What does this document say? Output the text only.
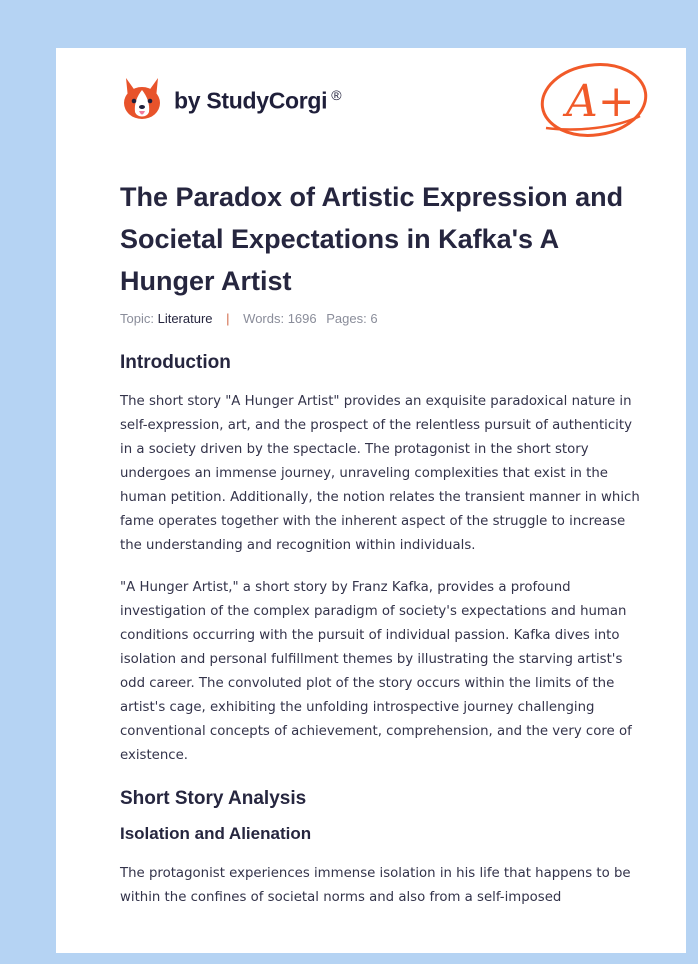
by StudyCorgi ®	A+
The Paradox of Artistic Expression and Societal Expectations in Kafka's A Hunger Artist
Topic: Literature | Words: 1696 Pages: 6
Introduction

The short story "A Hunger Artist" provides an exquisite paradoxical nature in self-expression, art, and the prospect of the relentless pursuit of authenticity in a society driven by the spectacle. The protagonist in the short story undergoes an immense journey, unraveling complexities that exist in the human petition. Additionally, the notion relates the transient manner in which fame operates together with the inherent aspect of the struggle to increase the understanding and recognition within individuals.

"A Hunger Artist," a short story by Franz Kafka, provides a profound investigation of the complex paradigm of society's expectations and human conditions occurring with the pursuit of individual passion. Kafka dives into isolation and personal fulfillment themes by illustrating the starving artist's odd career. The convoluted plot of the story occurs within the limits of the artist's cage, exhibiting the unfolding introspective journey challenging conventional concepts of achievement, comprehension, and the very core of existence.

Short Story Analysis
Isolation and Alienation

The protagonist experiences immense isolation in his life that happens to be within the confines of societal norms and also from a self-imposed
